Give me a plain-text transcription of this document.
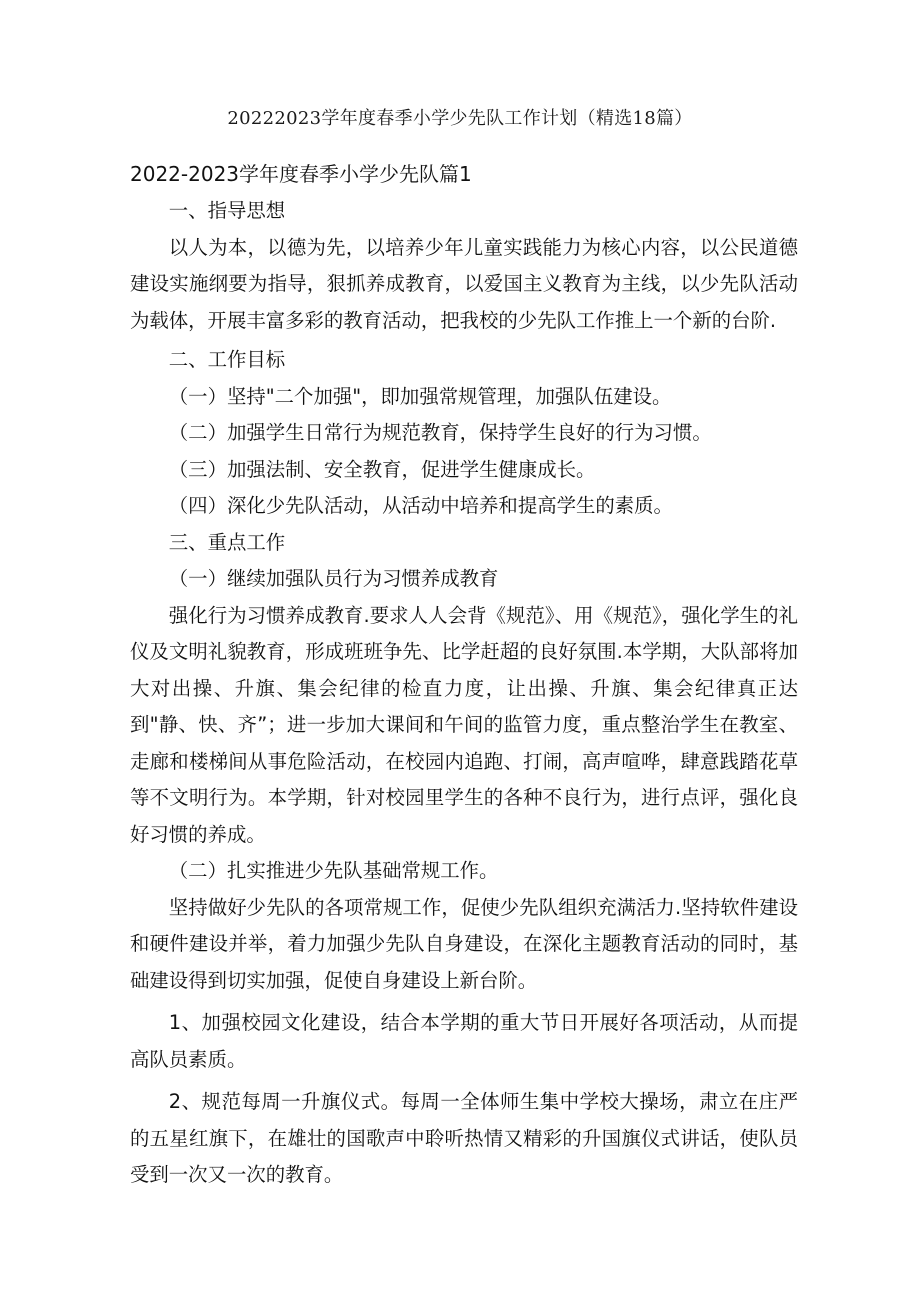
20222023学年度春季小学少先队工作计划（精选18篇）
2022-2023学年度春季小学少先队篇1

一、指导思想

以人为本，以德为先，以培养少年儿童实践能力为核心内容，以公民道德建设实施纲要为指导，狠抓养成教育，以爱国主义教育为主线，以少先队活动为载体，开展丰富多彩的教育活动，把我校的少先队工作推上一个新的台阶.

二、工作目标

（一）坚持"二个加强"，即加强常规管理，加强队伍建设。

（二）加强学生日常行为规范教育，保持学生良好的行为习惯。

（三）加强法制、安全教育，促进学生健康成长。

（四）深化少先队活动，从活动中培养和提高学生的素质。

三、重点工作

（一）继续加强队员行为习惯养成教育

强化行为习惯养成教育.要求人人会背《规范》、用《规范》，强化学生的礼仪及文明礼貌教育，形成班班争先、比学赶超的良好氛围.本学期，大队部将加大对出操、升旗、集会纪律的检直力度，让出操、升旗、集会纪律真正达到"静、快、齐”；进一步加大课间和午间的监管力度，重点整治学生在教室、走廊和楼梯间从事危险活动，在校园内追跑、打闹，高声喧哗，肆意践踏花草等不文明行为。本学期，针对校园里学生的各种不良行为，进行点评，强化良好习惯的养成。

（二）扎实推进少先队基础常规工作。

坚持做好少先队的各项常规工作，促使少先队组织充满活力.坚持软件建设和硬件建设并举，着力加强少先队自身建设，在深化主题教育活动的同时，基础建设得到切实加强，促使自身建设上新台阶。

1、加强校园文化建设，结合本学期的重大节日开展好各项活动，从而提高队员素质。

2、规范每周一升旗仪式。每周一全体师生集中学校大操场，肃立在庄严的五星红旗下，在雄壮的国歌声中聆听热情又精彩的升国旗仪式讲话，使队员受到一次又一次的教育。
